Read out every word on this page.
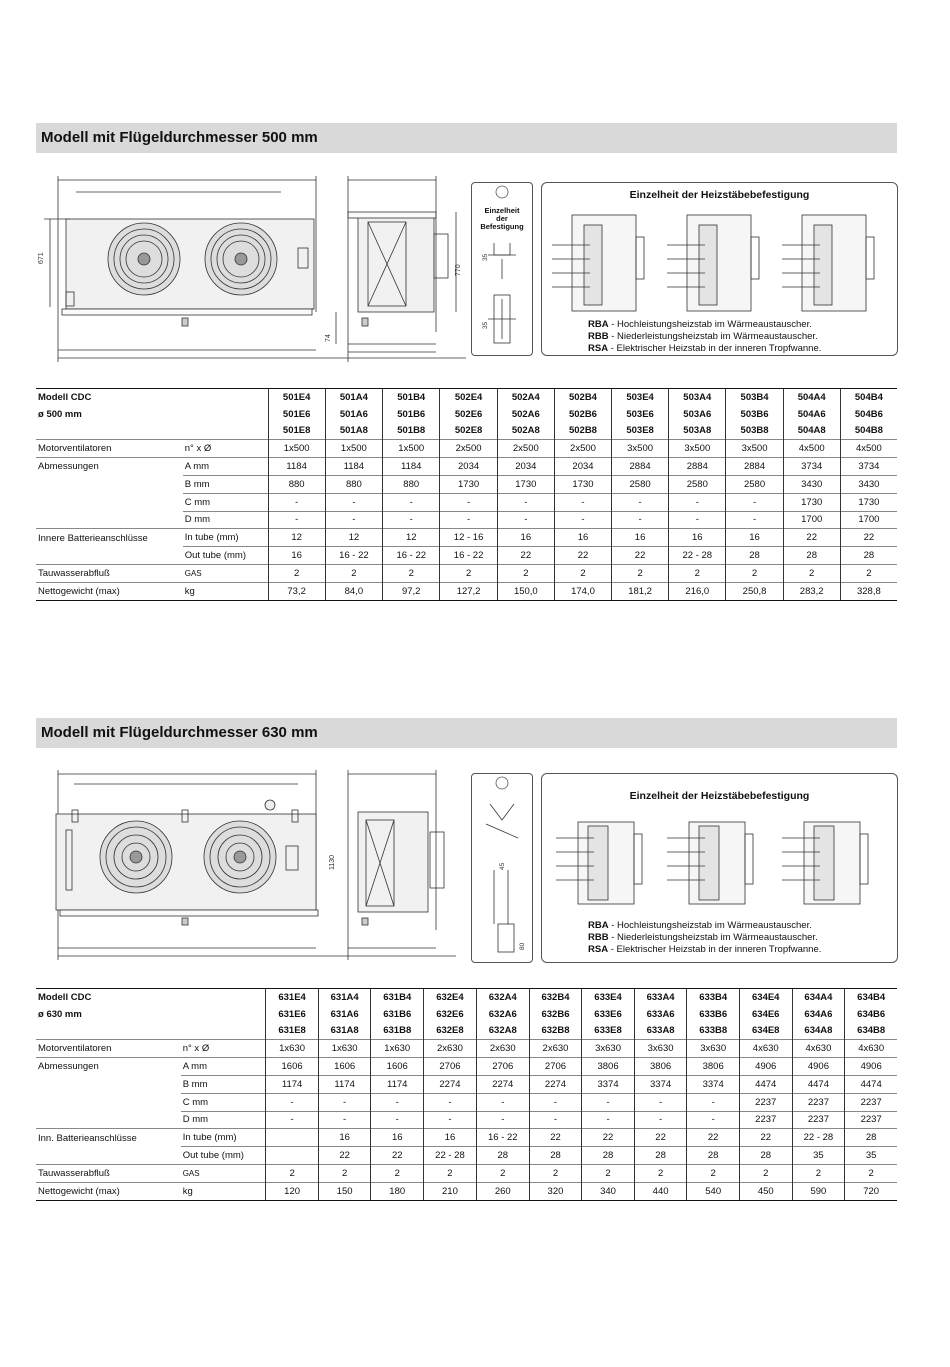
Modell mit Flügeldurchmesser 500 mm
671
74
770
35
35
Einzelheit
der
Befestigung
Einzelheit der Heizstäbebefestigung
RBA - Hochleistungsheizstab im Wärmeaustauscher.
RBB - Niederleistungsheizstab im Wärmeaustauscher.
RSA - Elektrischer Heizstab in der inneren Tropfwanne.
Modell CDC		501E4	501A4	501B4	502E4	502A4	502B4	503E4	503A4	503B4	504A4	504B4
ø 500 mm		501E6	501A6	501B6	502E6	502A6	502B6	503E6	503A6	503B6	504A6	504B6
		501E8	501A8	501B8	502E8	502A8	502B8	503E8	503A8	503B8	504A8	504B8
Motorventilatoren	n° x Ø	1x500	1x500	1x500	2x500	2x500	2x500	3x500	3x500	3x500	4x500	4x500
Abmessungen	A mm	1184	1184	1184	2034	2034	2034	2884	2884	2884	3734	3734
	B mm	880	880	880	1730	1730	1730	2580	2580	2580	3430	3430
	C mm	-	-	-	-	-	-	-	-	-	1730	1730
	D mm	-	-	-	-	-	-	-	-	-	1700	1700
Innere Batterieanschlüsse	In tube (mm)	12	12	12	12 - 16	16	16	16	16	16	22	22
	Out tube (mm)	16	16 - 22	16 - 22	16 - 22	22	22	22	22 - 28	28	28	28
Tauwasserabfluß	GAS	2	2	2	2	2	2	2	2	2	2	2
Nettogewicht (max)	kg	73,2	84,0	97,2	127,2	150,0	174,0	181,2	216,0	250,8	283,2	328,8
Modell mit Flügeldurchmesser 630 mm
1130	45
80
Einzelheit der Heizstäbebefestigung
RBA - Hochleistungsheizstab im Wärmeaustauscher.
RBB - Niederleistungsheizstab im Wärmeaustauscher.
RSA - Elektrischer Heizstab in der inneren Tropfwanne.
Modell CDC		631E4	631A4	631B4	632E4	632A4	632B4	633E4	633A4	633B4	634E4	634A4	634B4
ø 630 mm		631E6	631A6	631B6	632E6	632A6	632B6	633E6	633A6	633B6	634E6	634A6	634B6
		631E8	631A8	631B8	632E8	632A8	632B8	633E8	633A8	633B8	634E8	634A8	634B8
Motorventilatoren	n° x Ø	1x630	1x630	1x630	2x630	2x630	2x630	3x630	3x630	3x630	4x630	4x630	4x630
Abmessungen	A mm	1606	1606	1606	2706	2706	2706	3806	3806	3806	4906	4906	4906
	B mm	1174	1174	1174	2274	2274	2274	3374	3374	3374	4474	4474	4474
	C mm	-	-	-	-	-	-	-	-	-	2237	2237	2237
	D mm	-	-	-	-	-	-	-	-	-	2237	2237	2237
Inn. Batterieanschlüsse	In tube (mm)		16	16	16	16 - 22	22	22	22	22	22	22 - 28	28
	Out tube (mm)		22	22	22 - 28	28	28	28	28	28	28	35	35
Tauwasserabfluß	GAS	2	2	2	2	2	2	2	2	2	2	2	2
Nettogewicht (max)	kg	120	150	180	210	260	320	340	440	540	450	590	720
